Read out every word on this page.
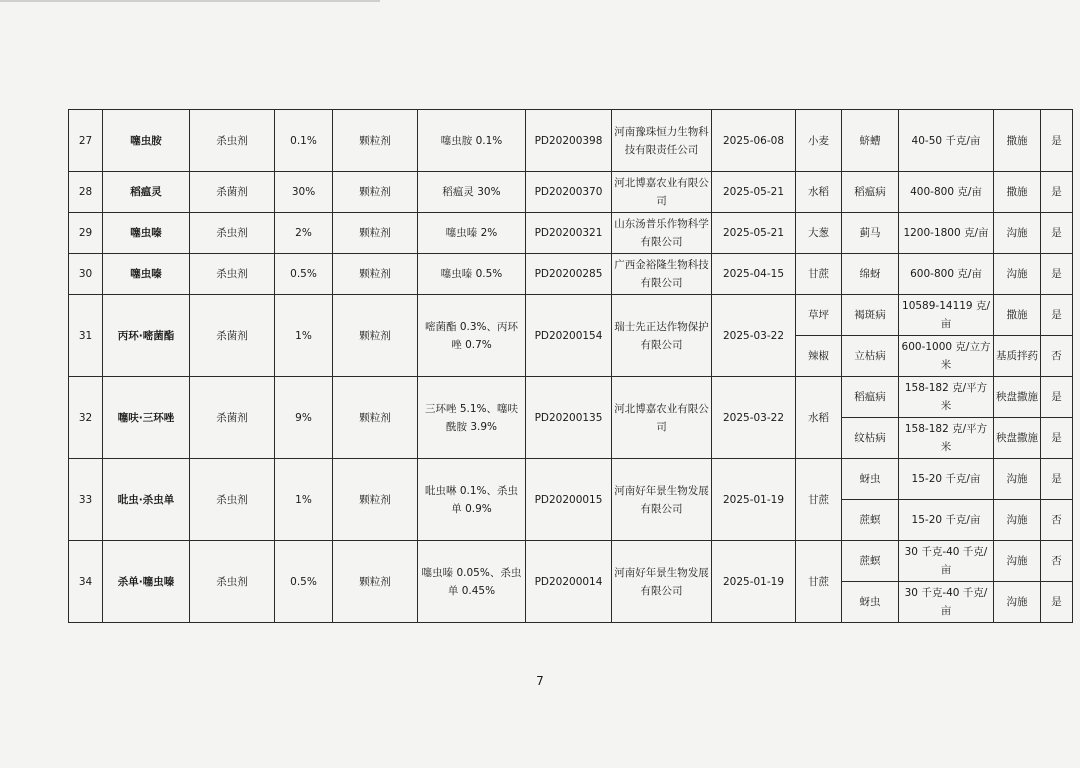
27	噻虫胺	杀虫剂	0.1%	颗粒剂	噻虫胺 0.1%	PD20200398	河南豫珠恒力生物科技有限责任公司	2025-06-08	小麦	蛴螬	40-50 千克/亩	撒施	是
28	稻瘟灵	杀菌剂	30%	颗粒剂	稻瘟灵 30%	PD20200370	河北博嘉农业有限公司	2025-05-21	水稻	稻瘟病	400-800 克/亩	撒施	是
29	噻虫嗪	杀虫剂	2%	颗粒剂	噻虫嗪 2%	PD20200321	山东汤普乐作物科学有限公司	2025-05-21	大葱	蓟马	1200-1800 克/亩	沟施	是
30	噻虫嗪	杀虫剂	0.5%	颗粒剂	噻虫嗪 0.5%	PD20200285	广西金裕隆生物科技有限公司	2025-04-15	甘蔗	绵蚜	600-800 克/亩	沟施	是
31	丙环·嘧菌酯	杀菌剂	1%	颗粒剂	嘧菌酯 0.3%、丙环唑 0.7%	PD20200154	瑞士先正达作物保护有限公司	2025-03-22	草坪	褐斑病	10589-14119 克/亩	撒施	是
									辣椒	立枯病	600-1000 克/立方米	基质拌药	否
32	噻呋·三环唑	杀菌剂	9%	颗粒剂	三环唑 5.1%、噻呋酰胺 3.9%	PD20200135	河北博嘉农业有限公司	2025-03-22	水稻	稻瘟病	158-182 克/平方米	秧盘撒施	是
										纹枯病	158-182 克/平方米	秧盘撒施	是
33	吡虫·杀虫单	杀虫剂	1%	颗粒剂	吡虫啉 0.1%、杀虫单 0.9%	PD20200015	河南好年景生物发展有限公司	2025-01-19	甘蔗	蚜虫	15-20 千克/亩	沟施	是
										蔗螟	15-20 千克/亩	沟施	否
34	杀单·噻虫嗪	杀虫剂	0.5%	颗粒剂	噻虫嗪 0.05%、杀虫单 0.45%	PD20200014	河南好年景生物发展有限公司	2025-01-19	甘蔗	蔗螟	30 千克-40 千克/亩	沟施	否
										蚜虫	30 千克-40 千克/亩	沟施	是
7
